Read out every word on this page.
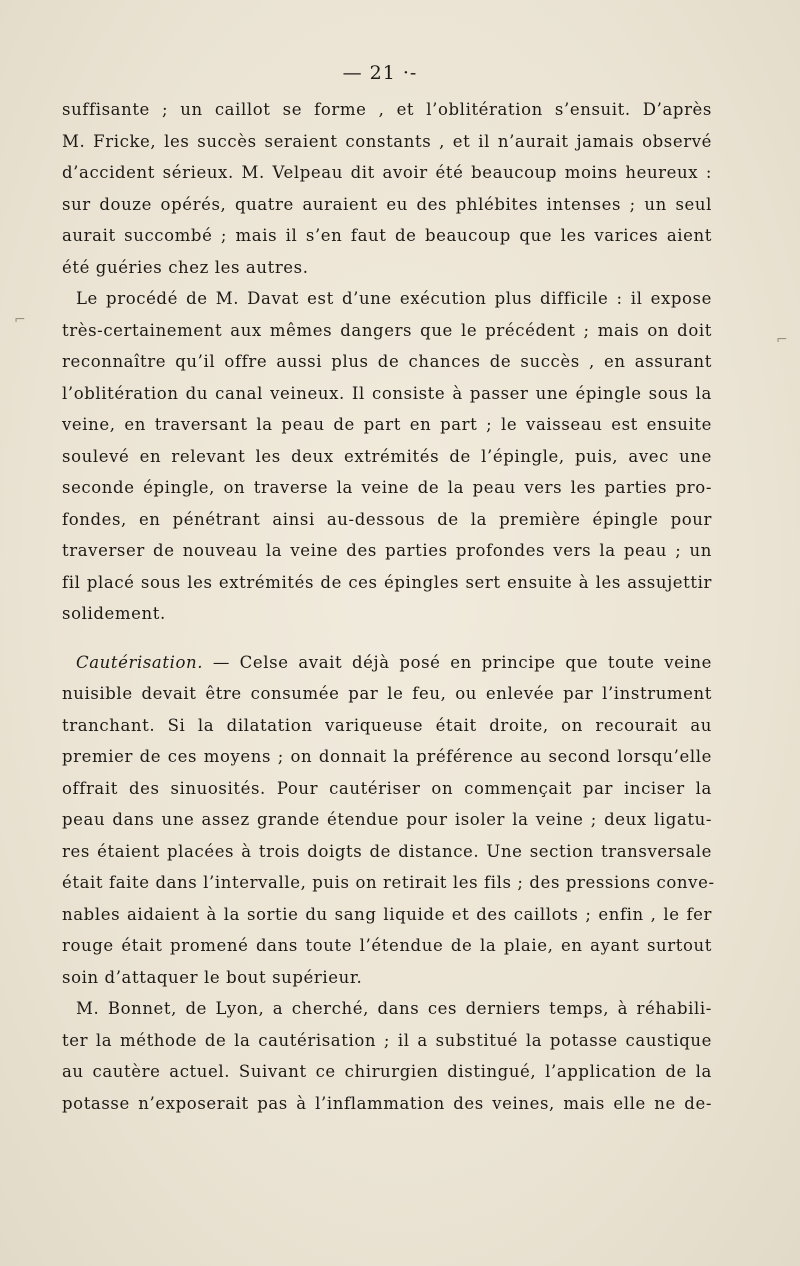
— 21 ·-
⌐
⌐
suffisante ; un caillot se forme , et l’oblitération s’ensuit. D’après
M. Fricke, les succès seraient constants , et il n’aurait jamais observé
d’accident sérieux. M. Velpeau dit avoir été beaucoup moins heureux :
sur douze opérés, quatre auraient eu des phlébites intenses ; un seul
aurait succombé ; mais il s’en faut de beaucoup que les varices aient
été guéries chez les autres.
Le procédé de M. Davat est d’une exécution plus difficile : il expose
très-certainement aux mêmes dangers que le précédent ; mais on doit
reconnaître qu’il offre aussi plus de chances de succès , en assurant
l’oblitération du canal veineux. Il consiste à passer une épingle sous la
veine, en traversant la peau de part en part ; le vaisseau est ensuite
soulevé en relevant les deux extrémités de l’épingle, puis, avec une
seconde épingle, on traverse la veine de la peau vers les parties pro-
fondes, en pénétrant ainsi au-dessous de la première épingle pour
traverser de nouveau la veine des parties profondes vers la peau ; un
fil placé sous les extrémités de ces épingles sert ensuite à les assujettir
solidement.
Cautérisation. — Celse avait déjà posé en principe que toute veine
nuisible devait être consumée par le feu, ou enlevée par l’instrument
tranchant. Si la dilatation variqueuse était droite, on recourait au
premier de ces moyens ; on donnait la préférence au second lorsqu’elle
offrait des sinuosités. Pour cautériser on commençait par inciser la
peau dans une assez grande étendue pour isoler la veine ; deux ligatu-
res étaient placées à trois doigts de distance. Une section transversale
était faite dans l’intervalle, puis on retirait les fils ; des pressions conve-
nables aidaient à la sortie du sang liquide et des caillots ; enfin , le fer
rouge était promené dans toute l’étendue de la plaie, en ayant surtout
soin d’attaquer le bout supérieur.
M. Bonnet, de Lyon, a cherché, dans ces derniers temps, à réhabili-
ter la méthode de la cautérisation ; il a substitué la potasse caustique
au cautère actuel. Suivant ce chirurgien distingué, l’application de la
potasse n’exposerait pas à l’inflammation des veines, mais elle ne de-
